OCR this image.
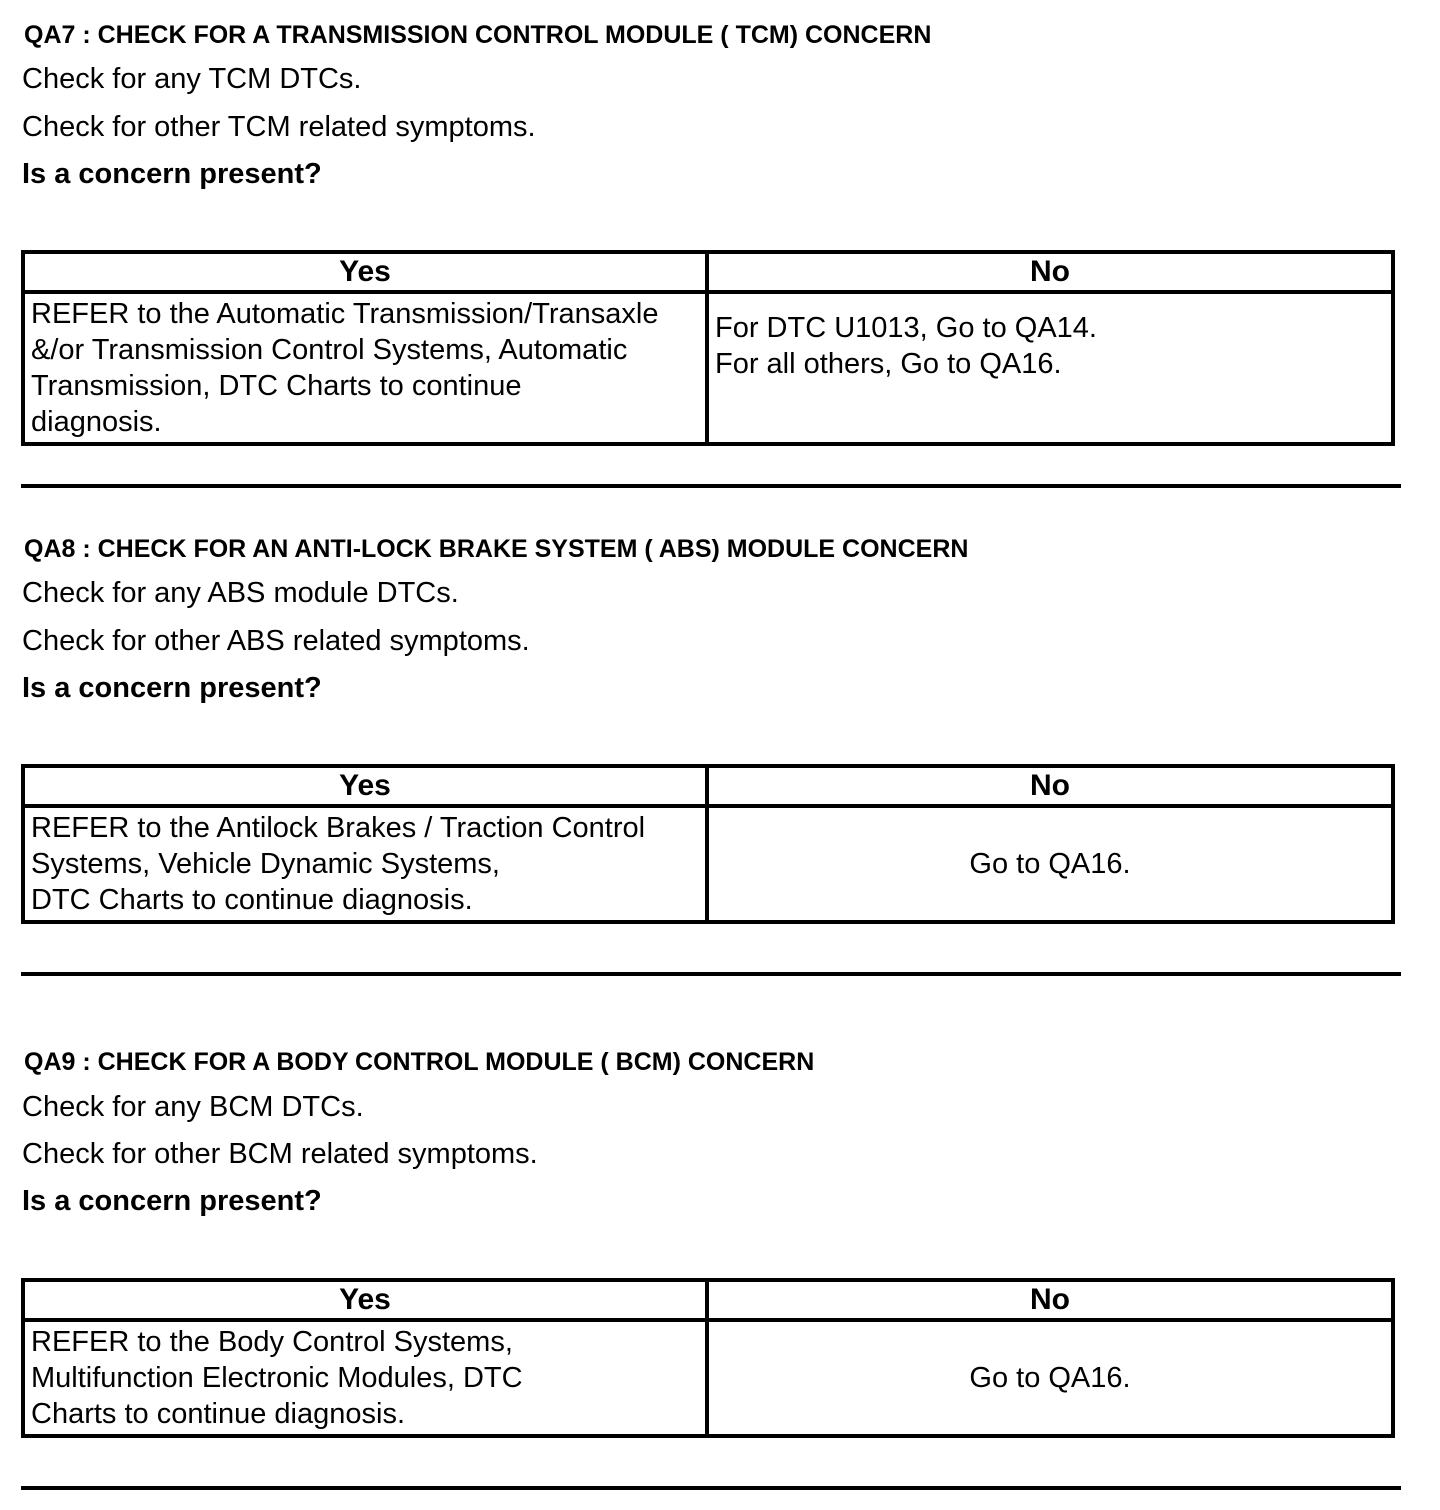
QA7 : CHECK FOR A TRANSMISSION CONTROL MODULE ( TCM) CONCERN
Check for any TCM DTCs.
Check for other TCM related symptoms.
Is a concern present?
Yes	No

REFER to the Automatic Transmission/Transaxle
&/or Transmission Control Systems, Automatic
Transmission, DTC Charts to continue
diagnosis.	For DTC U1013, Go to QA14.
For all others, Go to QA16.
QA8 : CHECK FOR AN ANTI-LOCK BRAKE SYSTEM ( ABS) MODULE CONCERN
Check for any ABS module DTCs.
Check for other ABS related symptoms.
Is a concern present?
Yes	No

REFER to the Antilock Brakes / Traction Control
Systems, Vehicle Dynamic Systems,
DTC Charts to continue diagnosis.	Go to QA16.
QA9 : CHECK FOR A BODY CONTROL MODULE ( BCM) CONCERN
Check for any BCM DTCs.
Check for other BCM related symptoms.
Is a concern present?
Yes	No

REFER to the Body Control Systems,
Multifunction Electronic Modules, DTC
Charts to continue diagnosis.	Go to QA16.
